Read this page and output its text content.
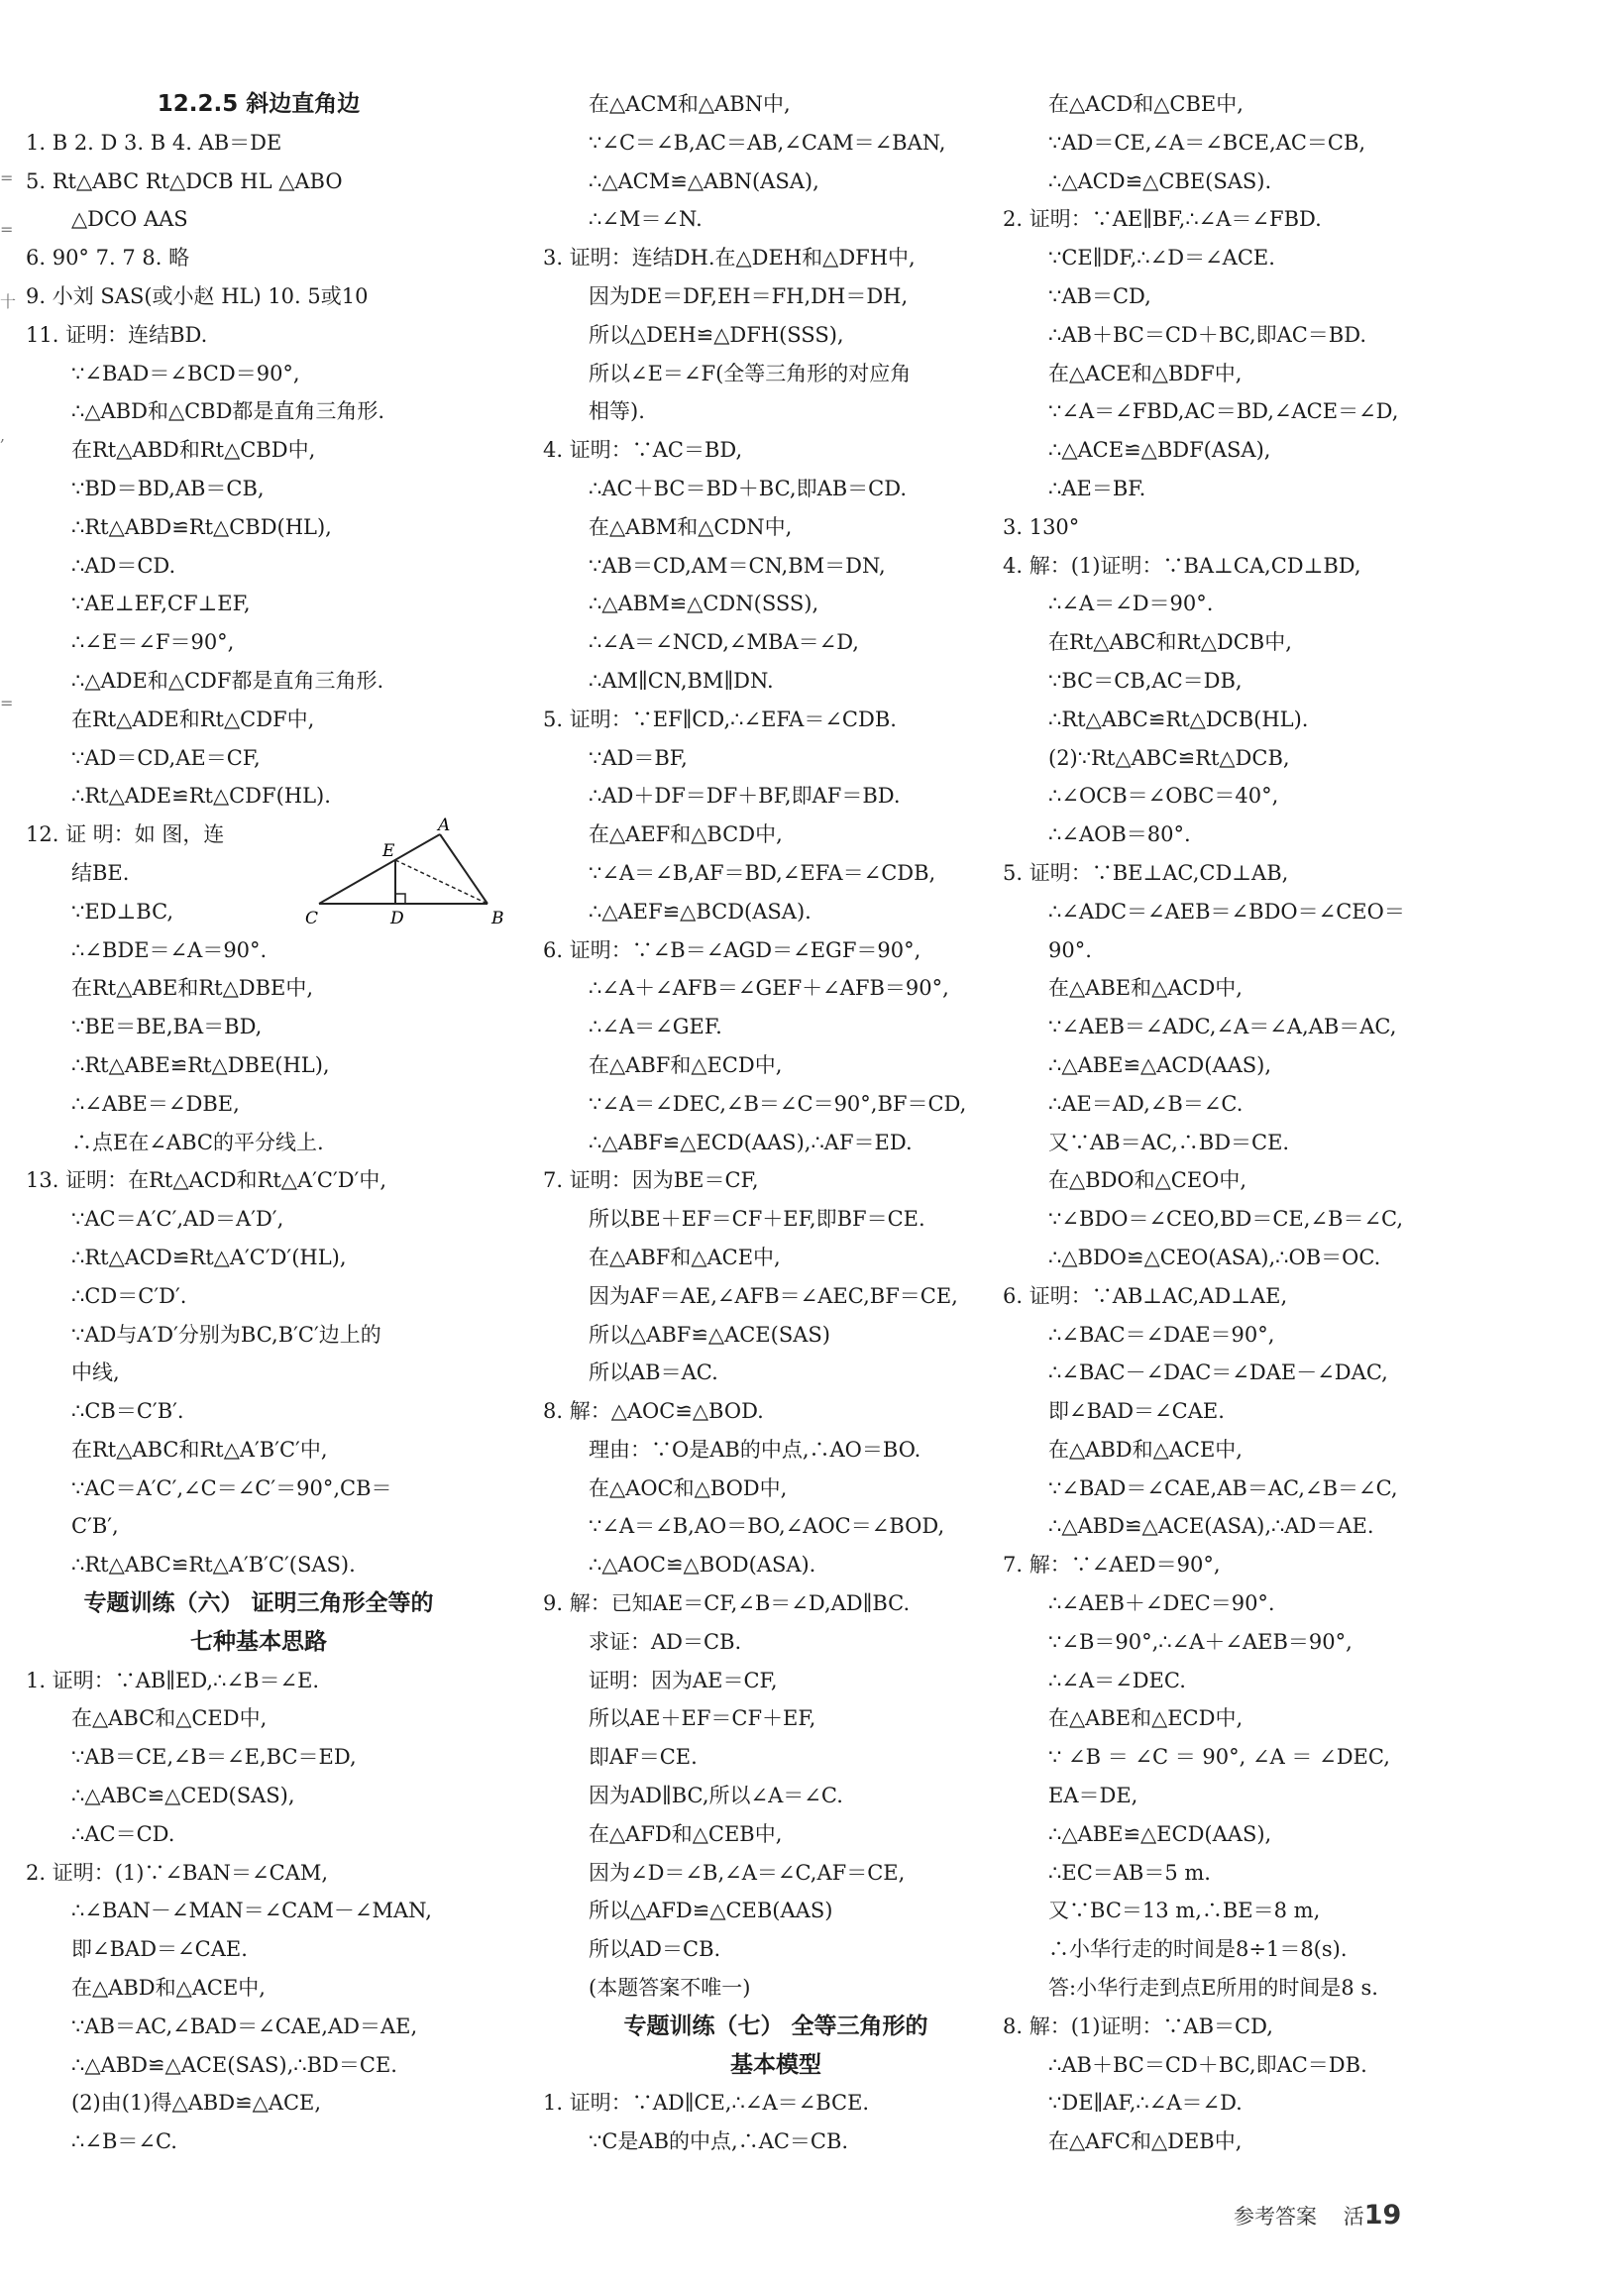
12.2.5 斜边直角边
1. B 2. D 3. B 4. AB＝DE
5. Rt△ABC Rt△DCB HL △ABO
△DCO AAS
6. 90° 7. 7 8. 略
9. 小刘 SAS(或小赵 HL) 10. 5或10
11. 证明：连结BD.
∵∠BAD＝∠BCD＝90°,
∴△ABD和△CBD都是直角三角形.
在Rt△ABD和Rt△CBD中,
∵BD＝BD,AB＝CB,
∴Rt△ABD≌Rt△CBD(HL),
∴AD＝CD.
∵AE⊥EF,CF⊥EF,
∴∠E＝∠F＝90°,
∴△ADE和△CDF都是直角三角形.
在Rt△ADE和Rt△CDF中,
∵AD＝CD,AE＝CF,
∴Rt△ADE≌Rt△CDF(HL).
12. 证 明：如 图，连
结BE.
∵ED⊥BC,
∴∠BDE＝∠A＝90°.
在Rt△ABE和Rt△DBE中,
∵BE＝BE,BA＝BD,
∴Rt△ABE≌Rt△DBE(HL),
∴∠ABE＝∠DBE,
∴点E在∠ABC的平分线上.
13. 证明：在Rt△ACD和Rt△A′C′D′中,
∵AC＝A′C′,AD＝A′D′,
∴Rt△ACD≌Rt△A′C′D′(HL),
∴CD＝C′D′.
∵AD与A′D′分别为BC,B′C′边上的
中线,
∴CB＝C′B′.
在Rt△ABC和Rt△A′B′C′中,
∵AC＝A′C′,∠C＝∠C′＝90°,CB＝
C′B′,
∴Rt△ABC≌Rt△A′B′C′(SAS).
专题训练（六） 证明三角形全等的
七种基本思路
1. 证明：∵AB∥ED,∴∠B＝∠E.
在△ABC和△CED中,
∵AB＝CE,∠B＝∠E,BC＝ED,
∴△ABC≌△CED(SAS),
∴AC＝CD.
2. 证明：(1)∵∠BAN＝∠CAM,
∴∠BAN－∠MAN＝∠CAM－∠MAN,
即∠BAD＝∠CAE.
在△ABD和△ACE中,
∵AB＝AC,∠BAD＝∠CAE,AD＝AE,
∴△ABD≌△ACE(SAS),∴BD＝CE.
(2)由(1)得△ABD≌△ACE,
∴∠B＝∠C.
在△ACM和△ABN中,
∵∠C＝∠B,AC＝AB,∠CAM＝∠BAN,
∴△ACM≌△ABN(ASA),
∴∠M＝∠N.
3. 证明：连结DH.在△DEH和△DFH中,
因为DE＝DF,EH＝FH,DH＝DH,
所以△DEH≌△DFH(SSS),
所以∠E＝∠F(全等三角形的对应角
相等).
4. 证明：∵AC＝BD,
∴AC＋BC＝BD＋BC,即AB＝CD.
在△ABM和△CDN中,
∵AB＝CD,AM＝CN,BM＝DN,
∴△ABM≌△CDN(SSS),
∴∠A＝∠NCD,∠MBA＝∠D,
∴AM∥CN,BM∥DN.
5. 证明：∵EF∥CD,∴∠EFA＝∠CDB.
∵AD＝BF,
∴AD＋DF＝DF＋BF,即AF＝BD.
在△AEF和△BCD中,
∵∠A＝∠B,AF＝BD,∠EFA＝∠CDB,
∴△AEF≌△BCD(ASA).
6. 证明：∵∠B＝∠AGD＝∠EGF＝90°,
∴∠A＋∠AFB＝∠GEF＋∠AFB＝90°,
∴∠A＝∠GEF.
在△ABF和△ECD中,
∵∠A＝∠DEC,∠B＝∠C＝90°,BF＝CD,
∴△ABF≌△ECD(AAS),∴AF＝ED.
7. 证明：因为BE＝CF,
所以BE＋EF＝CF＋EF,即BF＝CE.
在△ABF和△ACE中,
因为AF＝AE,∠AFB＝∠AEC,BF＝CE,
所以△ABF≌△ACE(SAS)
所以AB＝AC.
8. 解：△AOC≌△BOD.
理由：∵O是AB的中点,∴AO＝BO.
在△AOC和△BOD中,
∵∠A＝∠B,AO＝BO,∠AOC＝∠BOD,
∴△AOC≌△BOD(ASA).
9. 解：已知AE＝CF,∠B＝∠D,AD∥BC.
求证：AD＝CB.
证明：因为AE＝CF,
所以AE＋EF＝CF＋EF,
即AF＝CE.
因为AD∥BC,所以∠A＝∠C.
在△AFD和△CEB中,
因为∠D＝∠B,∠A＝∠C,AF＝CE,
所以△AFD≌△CEB(AAS)
所以AD＝CB.
(本题答案不唯一)
专题训练（七） 全等三角形的
基本模型
1. 证明：∵AD∥CE,∴∠A＝∠BCE.
∵C是AB的中点,∴AC＝CB.
在△ACD和△CBE中,
∵AD＝CE,∠A＝∠BCE,AC＝CB,
∴△ACD≌△CBE(SAS).
2. 证明：∵AE∥BF,∴∠A＝∠FBD.
∵CE∥DF,∴∠D＝∠ACE.
∵AB＝CD,
∴AB＋BC＝CD＋BC,即AC＝BD.
在△ACE和△BDF中,
∵∠A＝∠FBD,AC＝BD,∠ACE＝∠D,
∴△ACE≌△BDF(ASA),
∴AE＝BF.
3. 130°
4. 解：(1)证明：∵BA⊥CA,CD⊥BD,
∴∠A＝∠D＝90°.
在Rt△ABC和Rt△DCB中,
∵BC＝CB,AC＝DB,
∴Rt△ABC≌Rt△DCB(HL).
(2)∵Rt△ABC≌Rt△DCB,
∴∠OCB＝∠OBC＝40°,
∴∠AOB＝80°.
5. 证明：∵BE⊥AC,CD⊥AB,
∴∠ADC＝∠AEB＝∠BDO＝∠CEO＝
90°.
在△ABE和△ACD中,
∵∠AEB＝∠ADC,∠A＝∠A,AB＝AC,
∴△ABE≌△ACD(AAS),
∴AE＝AD,∠B＝∠C.
又∵AB＝AC,∴BD＝CE.
在△BDO和△CEO中,
∵∠BDO＝∠CEO,BD＝CE,∠B＝∠C,
∴△BDO≌△CEO(ASA),∴OB＝OC.
6. 证明：∵AB⊥AC,AD⊥AE,
∴∠BAC＝∠DAE＝90°,
∴∠BAC－∠DAC＝∠DAE－∠DAC,
即∠BAD＝∠CAE.
在△ABD和△ACE中,
∵∠BAD＝∠CAE,AB＝AC,∠B＝∠C,
∴△ABD≌△ACE(ASA),∴AD＝AE.
7. 解：∵∠AED＝90°,
∴∠AEB＋∠DEC＝90°.
∵∠B＝90°,∴∠A＋∠AEB＝90°,
∴∠A＝∠DEC.
在△ABE和△ECD中,
∵ ∠B ＝ ∠C ＝ 90°, ∠A ＝ ∠DEC,
EA＝DE,
∴△ABE≌△ECD(AAS),
∴EC＝AB＝5 m.
又∵BC＝13 m,∴BE＝8 m,
∴小华行走的时间是8÷1＝8(s).
答:小华行走到点E所用的时间是8 s.
8. 解：(1)证明：∵AB＝CD,
∴AB＋BC＝CD＋BC,即AC＝DB.
∵DE∥AF,∴∠A＝∠D.
在△AFC和△DEB中,
=
=
十
,
=
A
B
C	D
E
参考答案 活19
